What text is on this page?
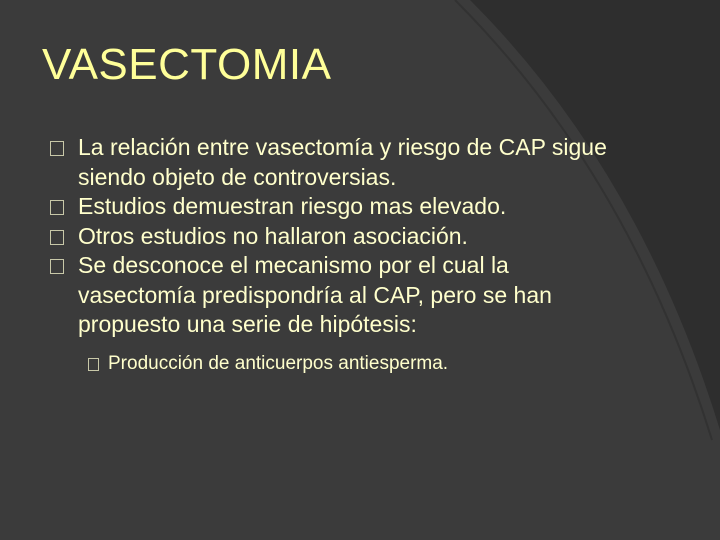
VASECTOMIA
La relación entre vasectomía y riesgo de CAP sigue siendo objeto de controversias.
Estudios demuestran riesgo mas elevado.
Otros estudios no hallaron asociación.
Se desconoce el mecanismo por el cual la vasectomía predispondría al CAP, pero se han propuesto una serie de hipótesis:
Producción de anticuerpos antiesperma.
